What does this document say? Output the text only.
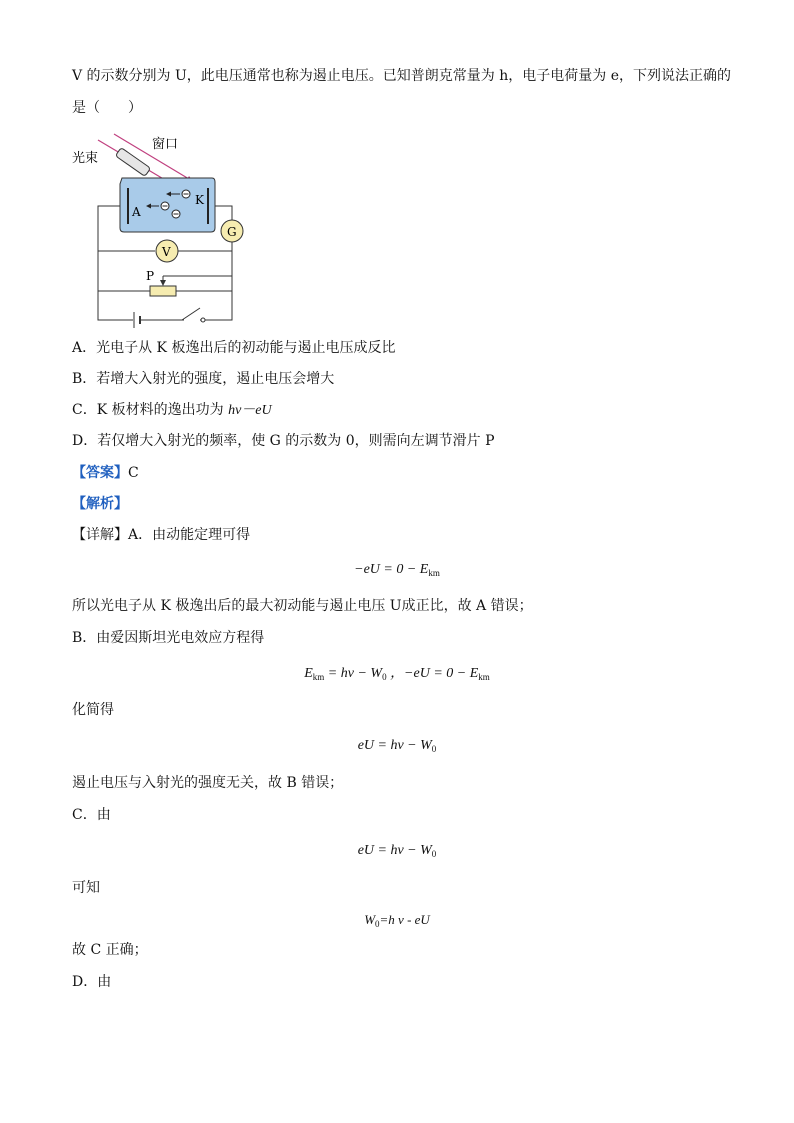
V 的示数分别为 U，此电压通常也称为遏止电压。已知普朗克常量为 h，电子电荷量为 e，下列说法正确的
是（　　）
A
K
光束
窗口
G
V
P
A．光电子从 K 板逸出后的初动能与遏止电压成反比
B．若增大入射光的强度，遏止电压会增大
C．K 板材料的逸出功为 hν－eU
D．若仅增大入射光的频率，使 G 的示数为 0，则需向左调节滑片 P
【答案】C
【解析】
【详解】A．由动能定理可得
$-eU = 0 - E_{km}$
所以光电子从 K 极逸出后的最大初动能与遏止电压 U成正比，故 A 错误；
B．由爱因斯坦光电效应方程得
$E_{km} = h\nu - W_0$ ，$-eU = 0 - E_{km}$
化简得
eU = $h\nu - W_0$
遏止电压与入射光的强度无关，故 B 错误；
C．由
eU = $h\nu - W_0$
可知
$W_0=h$ ν - eU
故 C 正确；
D．由
